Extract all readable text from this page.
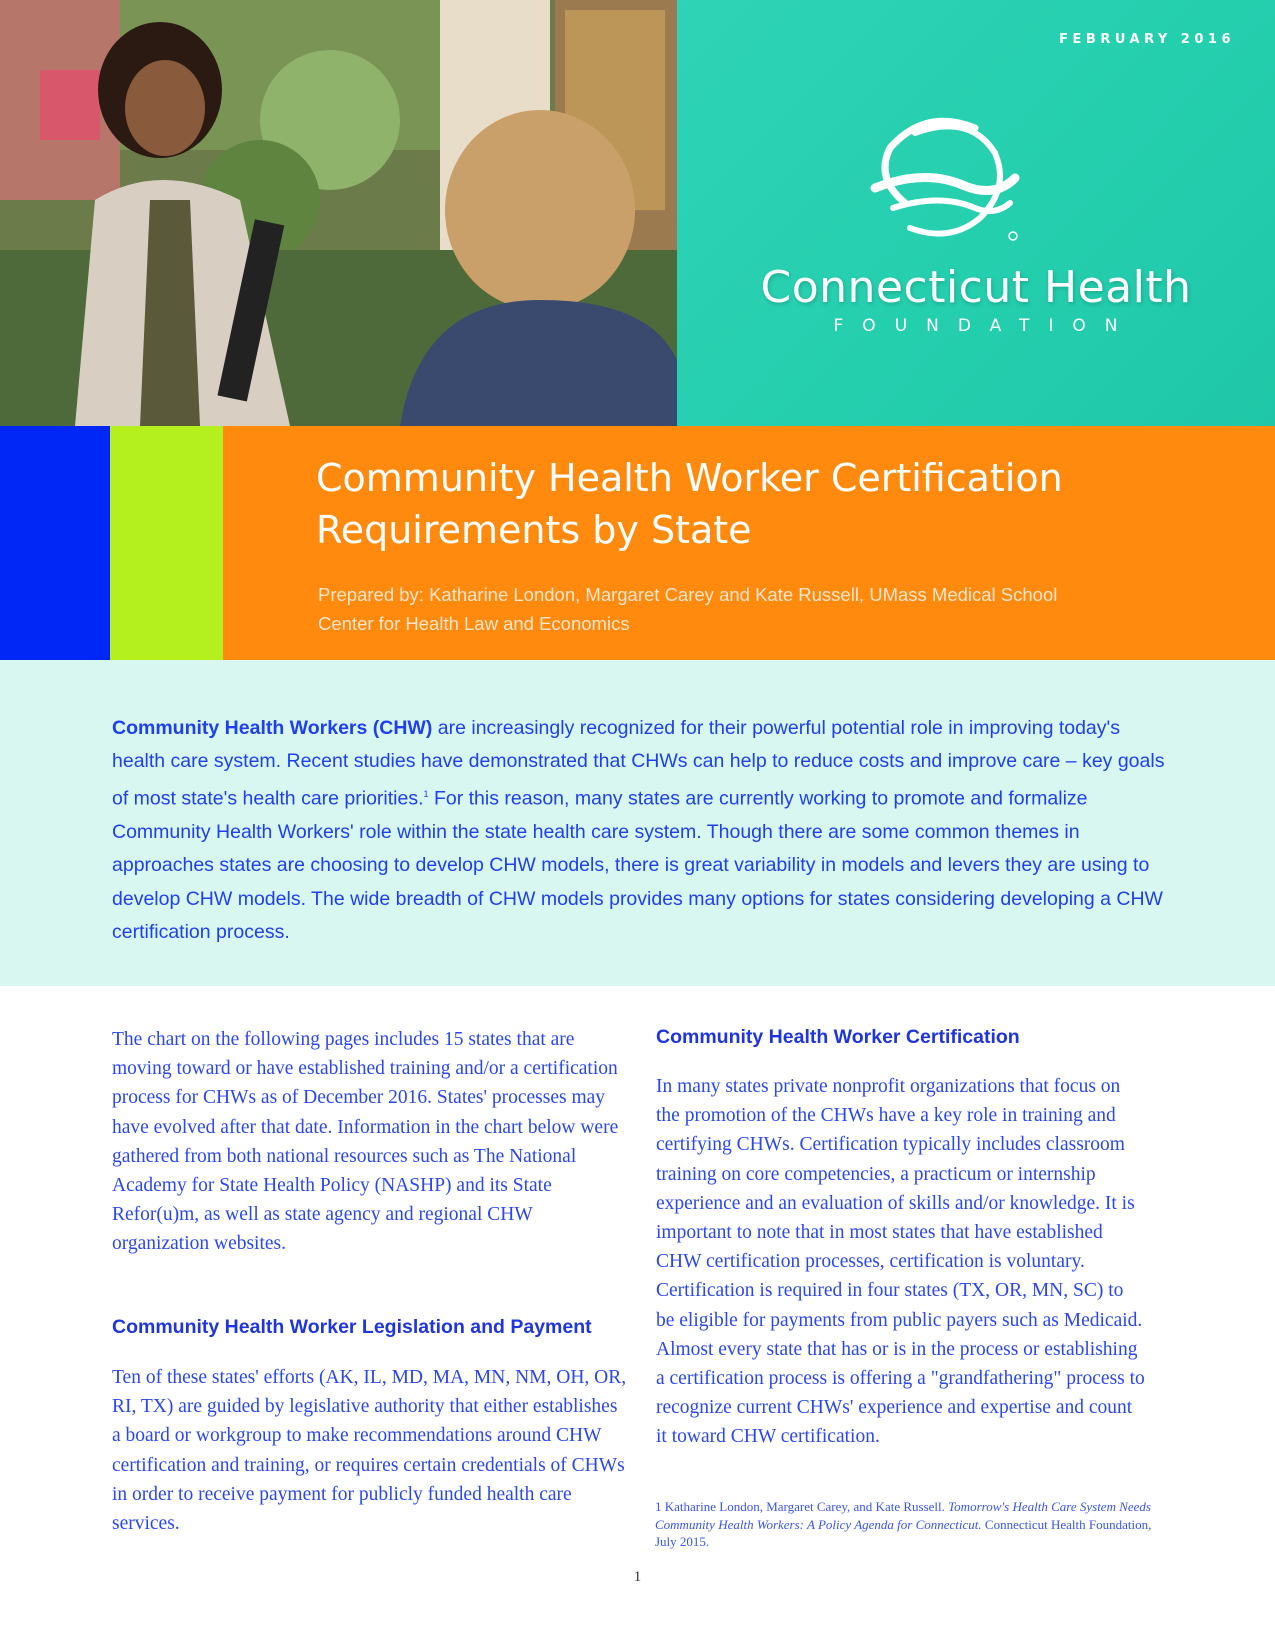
FEBRUARY 2016
Connecticut Health
FOUNDATION
Community Health Worker Certification
Requirements by State
Prepared by: Katharine London, Margaret Carey and Kate Russell, UMass Medical School
Center for Health Law and Economics

Community Health Workers (CHW) are increasingly recognized for their powerful potential role in improving today's health care system. Recent studies have demonstrated that CHWs can help to reduce costs and improve care – key goals of most state's health care priorities.$^1$ For this reason, many states are currently working to promote and formalize Community Health Workers' role within the state health care system. Though there are some common themes in approaches states are choosing to develop CHW models, there is great variability in models and levers they are using to develop CHW models. The wide breadth of CHW models provides many options for states considering developing a CHW certification process.

The chart on the following pages includes 15 states that are moving toward or have established training and/or a certification process for CHWs as of December 2016. States' processes may have evolved after that date. Information in the chart below were gathered from both national resources such as The National Academy for State Health Policy (NASHP) and its State Refor(u)m, as well as state agency and regional CHW organization websites.

Community Health Worker Legislation and Payment

Ten of these states' efforts (AK, IL, MD, MA, MN, NM, OH, OR, RI, TX) are guided by legislative authority that either establishes a board or workgroup to make recommendations around CHW certification and training, or requires certain credentials of CHWs in order to receive payment for publicly funded health care services.

Community Health Worker Certification

In many states private nonprofit organizations that focus on the promotion of the CHWs have a key role in training and certifying CHWs. Certification typically includes classroom training on core competencies, a practicum or internship experience and an evaluation of skills and/or knowledge. It is important to note that in most states that have established CHW certification processes, certification is voluntary. Certification is required in four states (TX, OR, MN, SC) to be eligible for payments from public payers such as Medicaid. Almost every state that has or is in the process or establishing a certification process is offering a "grandfathering" process to recognize current CHWs' experience and expertise and count it toward CHW certification.

1 Katharine London, Margaret Carey, and Kate Russell. Tomorrow's Health Care System Needs Community Health Workers: A Policy Agenda for Connecticut. Connecticut Health Foundation, July 2015.
1
